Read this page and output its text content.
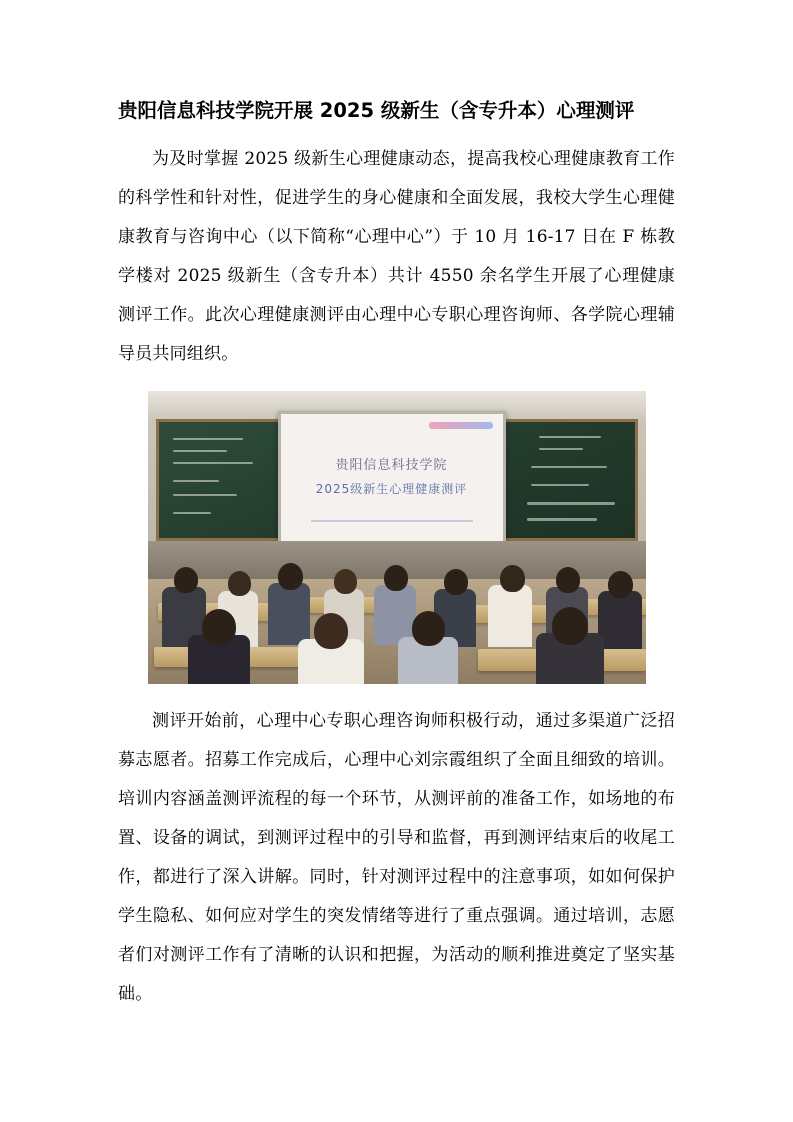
贵阳信息科技学院开展 2025 级新生（含专升本）心理测评

为及时掌握 2025 级新生心理健康动态，提高我校心理健康教育工作的科学性和针对性，促进学生的身心健康和全面发展，我校大学生心理健康教育与咨询中心（以下简称“心理中心”）于 10 月 16-17 日在 F 栋教学楼对 2025 级新生（含专升本）共计 4550 余名学生开展了心理健康测评工作。此次心理健康测评由心理中心专职心理咨询师、各学院心理辅导员共同组织。

贵阳信息科技学院
2025级新生心理健康测评

测评开始前，心理中心专职心理咨询师积极行动，通过多渠道广泛招募志愿者。招募工作完成后，心理中心刘宗霞组织了全面且细致的培训。培训内容涵盖测评流程的每一个环节，从测评前的准备工作，如场地的布置、设备的调试，到测评过程中的引导和监督，再到测评结束后的收尾工作，都进行了深入讲解。同时，针对测评过程中的注意事项，如如何保护学生隐私、如何应对学生的突发情绪等进行了重点强调。通过培训，志愿者们对测评工作有了清晰的认识和把握，为活动的顺利推进奠定了坚实基础。
